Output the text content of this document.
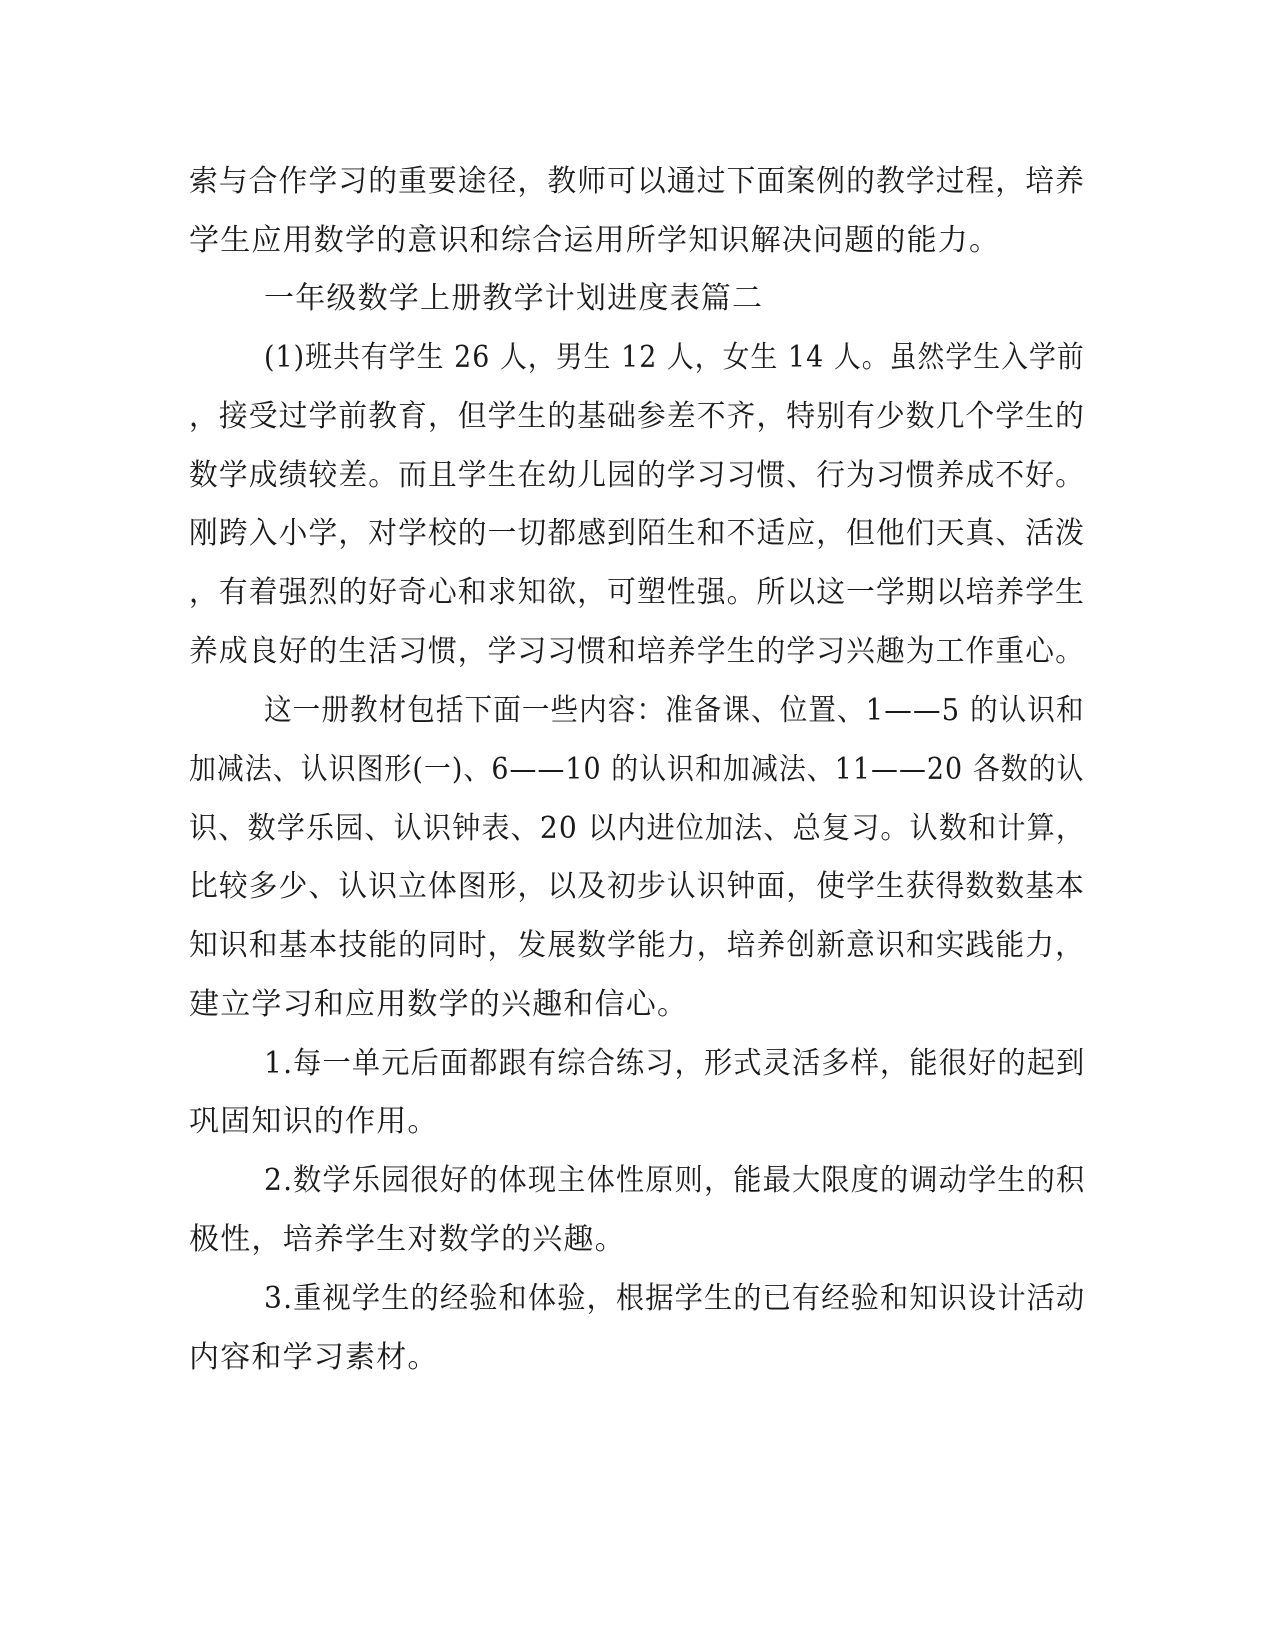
索与合作学习的重要途径，教师可以通过下面案例的教学过程，培养
学生应用数学的意识和综合运用所学知识解决问题的能力。
一年级数学上册教学计划进度表篇二
(1)班共有学生 26 人，男生 12 人，女生 14 人。虽然学生入学前
，接受过学前教育，但学生的基础参差不齐，特别有少数几个学生的
数学成绩较差。而且学生在幼儿园的学习习惯、行为习惯养成不好。
刚跨入小学，对学校的一切都感到陌生和不适应，但他们天真、活泼
，有着强烈的好奇心和求知欲，可塑性强。所以这一学期以培养学生
养成良好的生活习惯，学习习惯和培养学生的学习兴趣为工作重心。
这一册教材包括下面一些内容：准备课、位置、1——5 的认识和
加减法、认识图形(一)、6——10 的认识和加减法、11——20 各数的认
识、数学乐园、认识钟表、20 以内进位加法、总复习。认数和计算，
比较多少、认识立体图形，以及初步认识钟面，使学生获得数数基本
知识和基本技能的同时，发展数学能力，培养创新意识和实践能力，
建立学习和应用数学的兴趣和信心。
1.每一单元后面都跟有综合练习，形式灵活多样，能很好的起到
巩固知识的作用。
2.数学乐园很好的体现主体性原则，能最大限度的调动学生的积
极性，培养学生对数学的兴趣。
3.重视学生的经验和体验，根据学生的已有经验和知识设计活动
内容和学习素材。
